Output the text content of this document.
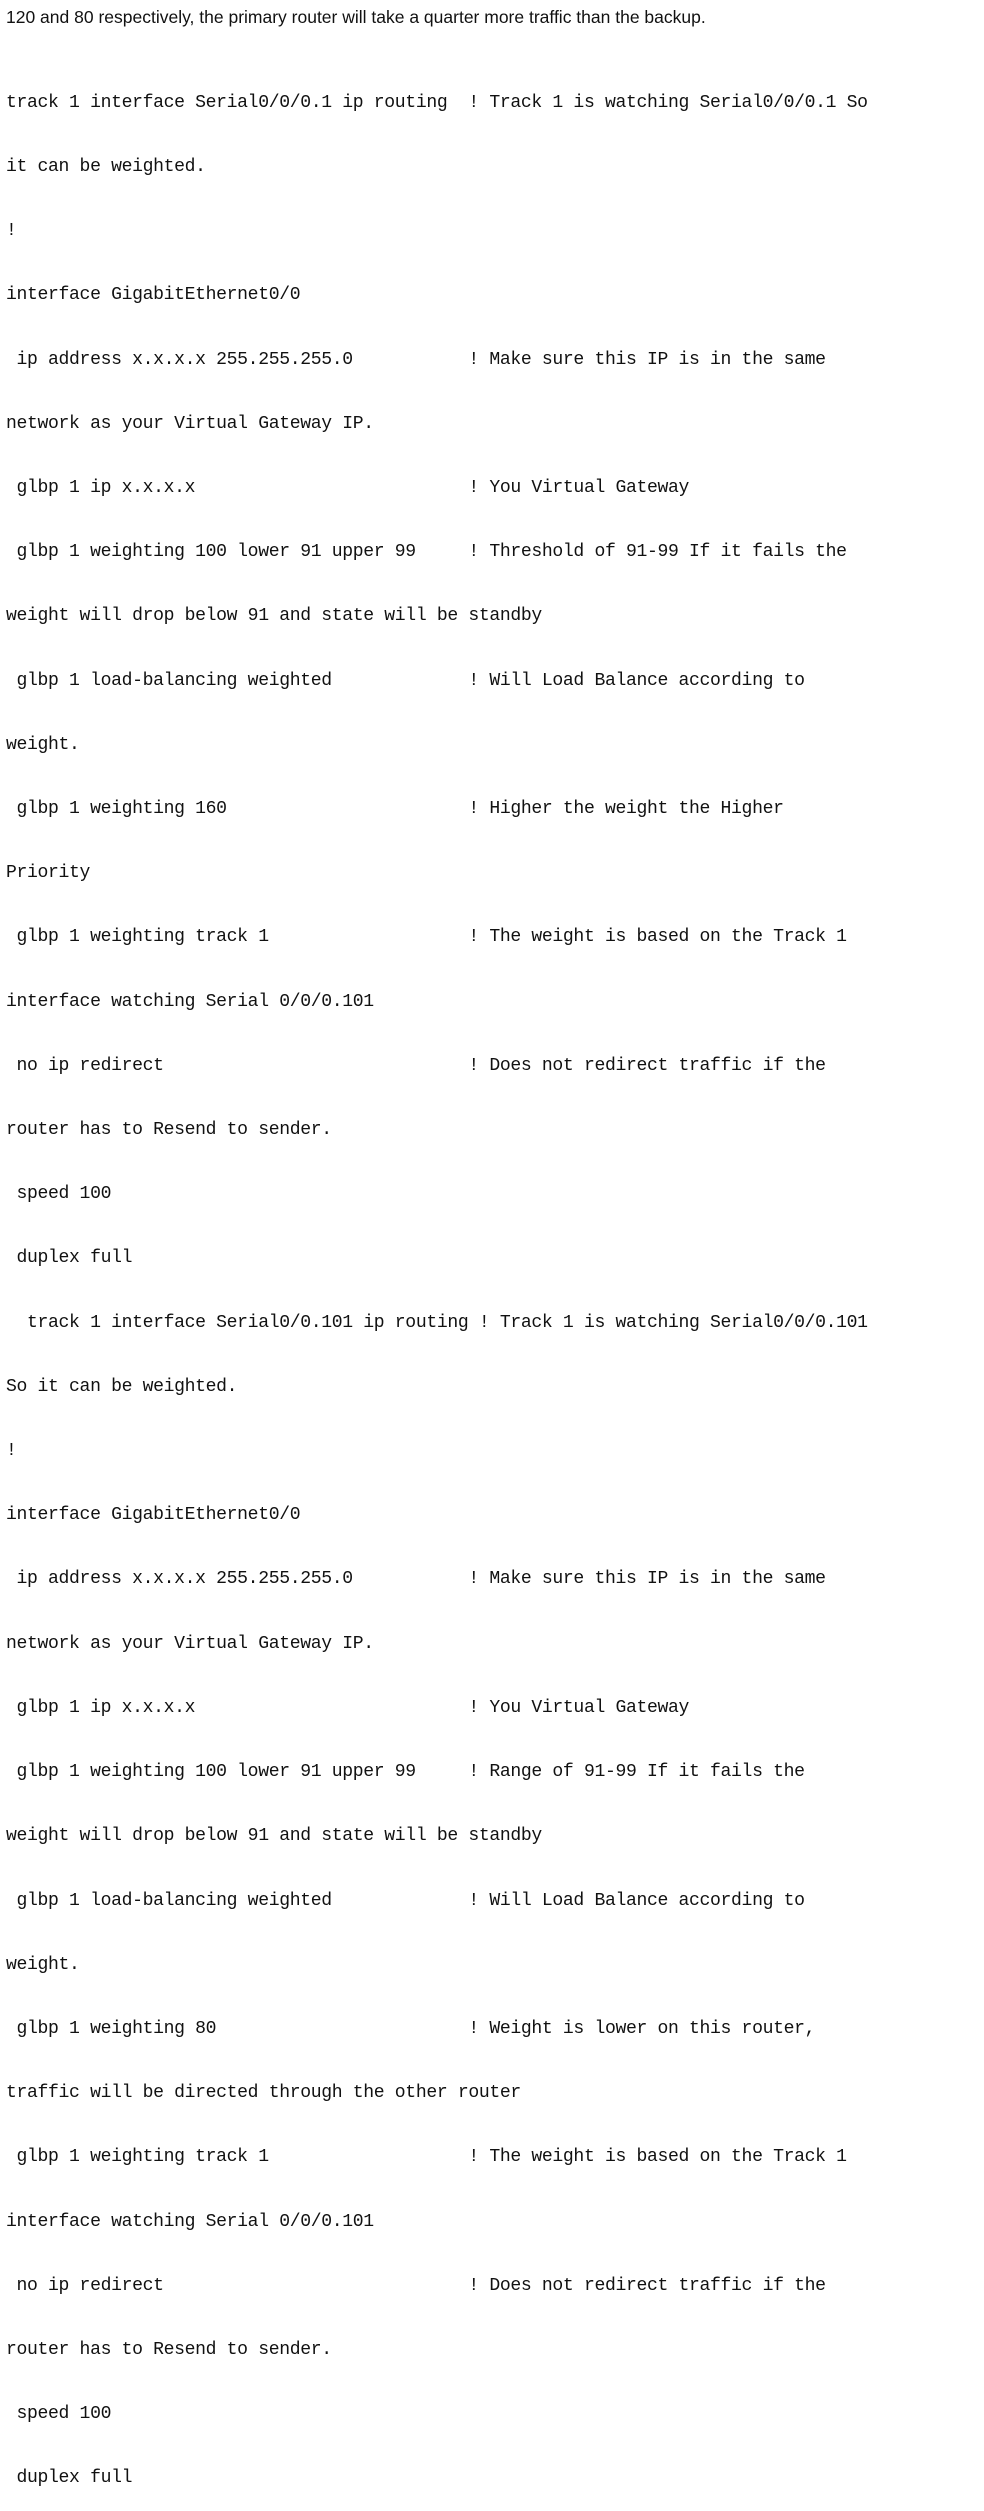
120 and 80 respectively, the primary router will take a quarter more traffic than the backup.

track 1 interface Serial0/0/0.1 ip routing  ! Track 1 is watching Serial0/0/0.1 So

it can be weighted.

!

interface GigabitEthernet0/0

ip address x.x.x.x 255.255.255.0           ! Make sure this IP is in the same

network as your Virtual Gateway IP.

glbp 1 ip x.x.x.x                          ! You Virtual Gateway

glbp 1 weighting 100 lower 91 upper 99     ! Threshold of 91-99 If it fails the

weight will drop below 91 and state will be standby

glbp 1 load-balancing weighted             ! Will Load Balance according to

weight.

glbp 1 weighting 160                       ! Higher the weight the Higher

Priority

glbp 1 weighting track 1                   ! The weight is based on the Track 1

interface watching Serial 0/0/0.101

no ip redirect                             ! Does not redirect traffic if the

router has to Resend to sender.

speed 100

duplex full

track 1 interface Serial0/0.101 ip routing ! Track 1 is watching Serial0/0/0.101

So it can be weighted.

!

interface GigabitEthernet0/0

ip address x.x.x.x 255.255.255.0           ! Make sure this IP is in the same

network as your Virtual Gateway IP.

glbp 1 ip x.x.x.x                          ! You Virtual Gateway

glbp 1 weighting 100 lower 91 upper 99     ! Range of 91-99 If it fails the

weight will drop below 91 and state will be standby

glbp 1 load-balancing weighted             ! Will Load Balance according to

weight.

glbp 1 weighting 80                        ! Weight is lower on this router,

traffic will be directed through the other router

glbp 1 weighting track 1                   ! The weight is based on the Track 1

interface watching Serial 0/0/0.101

no ip redirect                             ! Does not redirect traffic if the

router has to Resend to sender.

speed 100

duplex full
